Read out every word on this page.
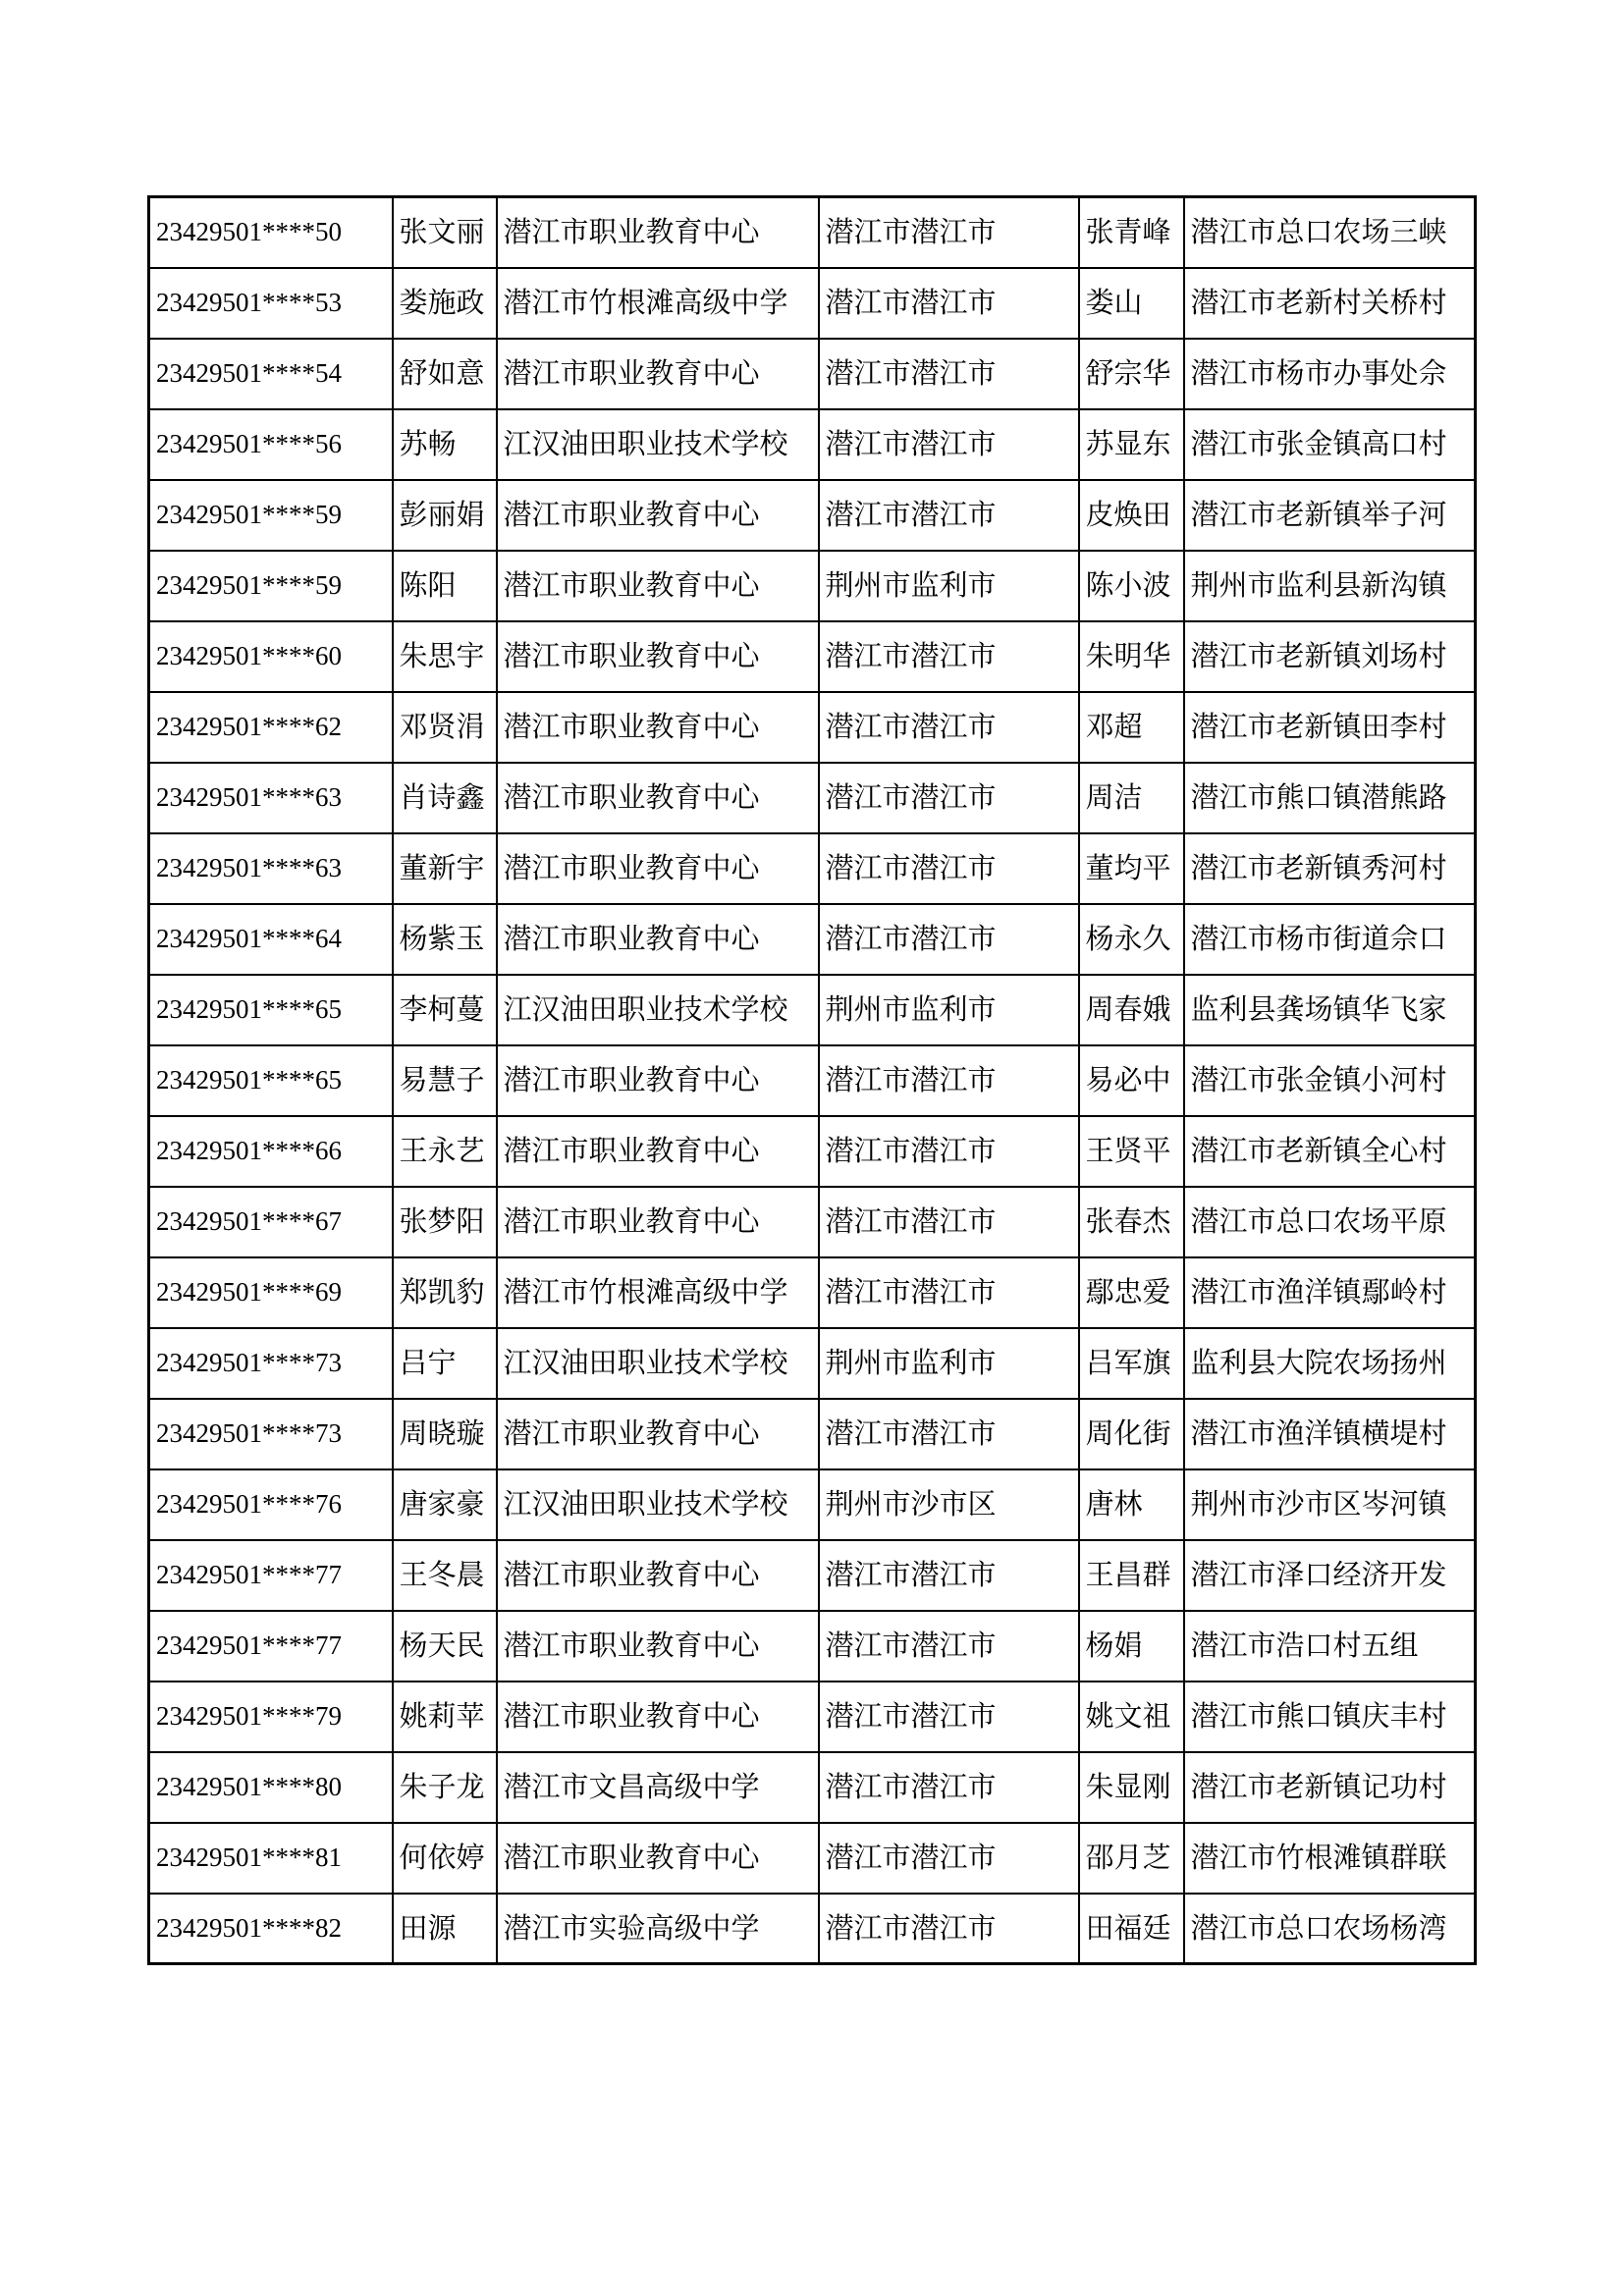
23429501****50	张文丽	潜江市职业教育中心	潜江市潜江市	张青峰	潜江市总口农场三峡
23429501****53	娄施政	潜江市竹根滩高级中学	潜江市潜江市	娄山	潜江市老新村关桥村
23429501****54	舒如意	潜江市职业教育中心	潜江市潜江市	舒宗华	潜江市杨市办事处佘
23429501****56	苏畅	江汉油田职业技术学校	潜江市潜江市	苏显东	潜江市张金镇高口村
23429501****59	彭丽娟	潜江市职业教育中心	潜江市潜江市	皮焕田	潜江市老新镇举子河
23429501****59	陈阳	潜江市职业教育中心	荆州市监利市	陈小波	荆州市监利县新沟镇
23429501****60	朱思宇	潜江市职业教育中心	潜江市潜江市	朱明华	潜江市老新镇刘场村
23429501****62	邓贤涓	潜江市职业教育中心	潜江市潜江市	邓超	潜江市老新镇田李村
23429501****63	肖诗鑫	潜江市职业教育中心	潜江市潜江市	周洁	潜江市熊口镇潜熊路
23429501****63	董新宇	潜江市职业教育中心	潜江市潜江市	董均平	潜江市老新镇秀河村
23429501****64	杨紫玉	潜江市职业教育中心	潜江市潜江市	杨永久	潜江市杨市街道佘口
23429501****65	李柯蔓	江汉油田职业技术学校	荆州市监利市	周春娥	监利县龚场镇华飞家
23429501****65	易慧子	潜江市职业教育中心	潜江市潜江市	易必中	潜江市张金镇小河村
23429501****66	王永艺	潜江市职业教育中心	潜江市潜江市	王贤平	潜江市老新镇全心村
23429501****67	张梦阳	潜江市职业教育中心	潜江市潜江市	张春杰	潜江市总口农场平原
23429501****69	郑凯豹	潜江市竹根滩高级中学	潜江市潜江市	鄢忠爱	潜江市渔洋镇鄢岭村
23429501****73	吕宁	江汉油田职业技术学校	荆州市监利市	吕军旗	监利县大院农场扬州
23429501****73	周晓璇	潜江市职业教育中心	潜江市潜江市	周化街	潜江市渔洋镇横堤村
23429501****76	唐家豪	江汉油田职业技术学校	荆州市沙市区	唐林	荆州市沙市区岑河镇
23429501****77	王冬晨	潜江市职业教育中心	潜江市潜江市	王昌群	潜江市泽口经济开发
23429501****77	杨天民	潜江市职业教育中心	潜江市潜江市	杨娟	潜江市浩口村五组
23429501****79	姚莉苹	潜江市职业教育中心	潜江市潜江市	姚文祖	潜江市熊口镇庆丰村
23429501****80	朱子龙	潜江市文昌高级中学	潜江市潜江市	朱显刚	潜江市老新镇记功村
23429501****81	何依婷	潜江市职业教育中心	潜江市潜江市	邵月芝	潜江市竹根滩镇群联
23429501****82	田源	潜江市实验高级中学	潜江市潜江市	田福廷	潜江市总口农场杨湾
